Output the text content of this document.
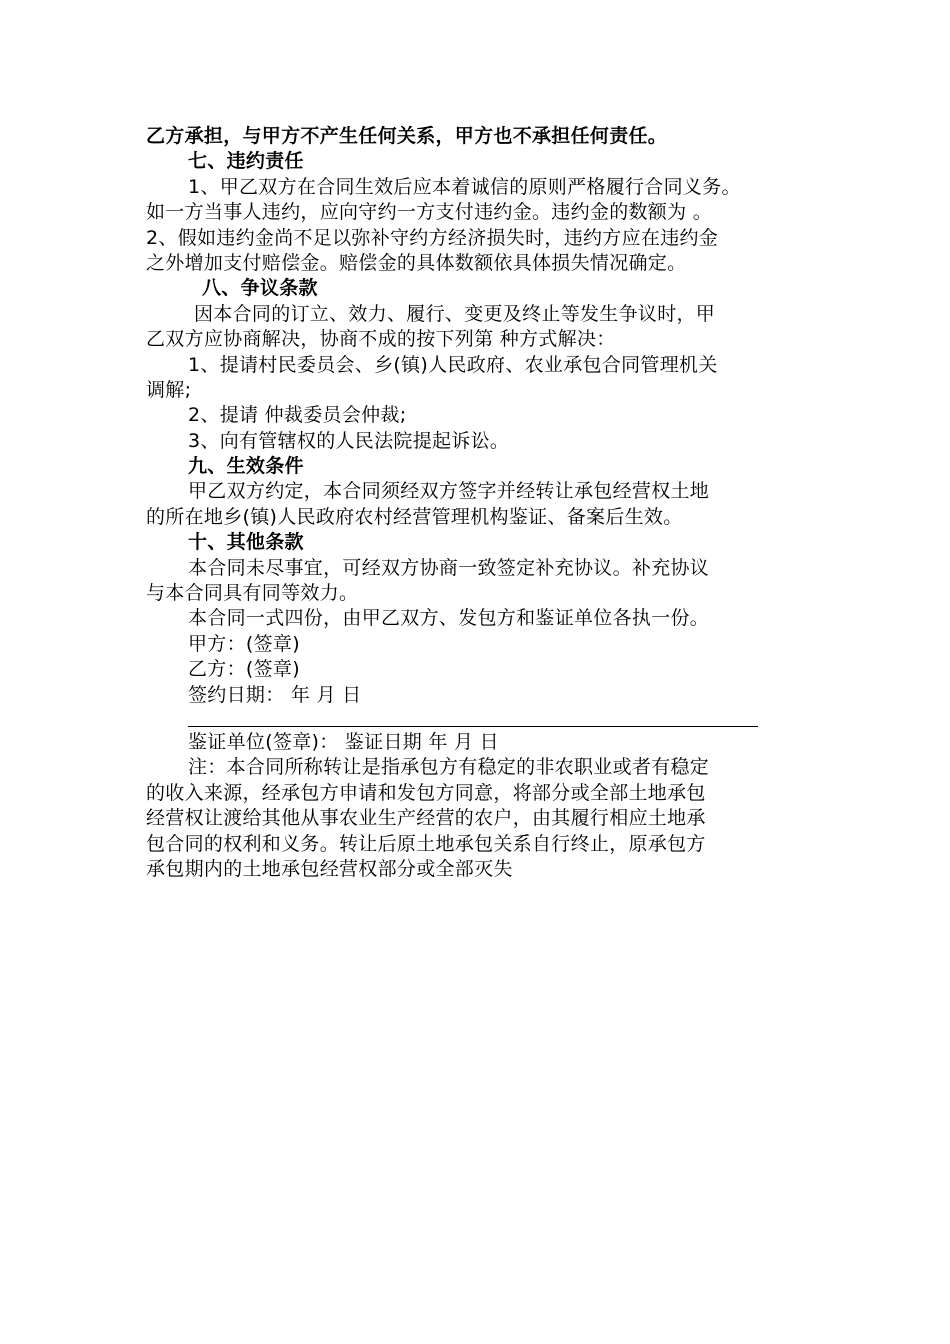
乙方承担，与甲方不产生任何关系，甲方也不承担任何责任。
七、违约责任
1、甲乙双方在合同生效后应本着诚信的原则严格履行合同义务。
如一方当事人违约，应向守约一方支付违约金。违约金的数额为 。
2、假如违约金尚不足以弥补守约方经济损失时，违约方应在违约金
之外增加支付赔偿金。赔偿金的具体数额依具体损失情况确定。
八、争议条款
因本合同的订立、效力、履行、变更及终止等发生争议时，甲
乙双方应协商解决，协商不成的按下列第 种方式解决：
1、提请村民委员会、乡(镇)人民政府、农业承包合同管理机关
调解;
2、提请 仲裁委员会仲裁;
3、向有管辖权的人民法院提起诉讼。
九、生效条件
甲乙双方约定，本合同须经双方签字并经转让承包经营权土地
的所在地乡(镇)人民政府农村经营管理机构鉴证、备案后生效。
十、其他条款
本合同未尽事宜，可经双方协商一致签定补充协议。补充协议
与本合同具有同等效力。
本合同一式四份，由甲乙双方、发包方和鉴证单位各执一份。
甲方：(签章)
乙方：(签章)
签约日期： 年 月 日
鉴证单位(签章)： 鉴证日期 年 月 日
注：本合同所称转让是指承包方有稳定的非农职业或者有稳定
的收入来源，经承包方申请和发包方同意，将部分或全部土地承包
经营权让渡给其他从事农业生产经营的农户，由其履行相应土地承
包合同的权利和义务。转让后原土地承包关系自行终止，原承包方
承包期内的土地承包经营权部分或全部灭失
